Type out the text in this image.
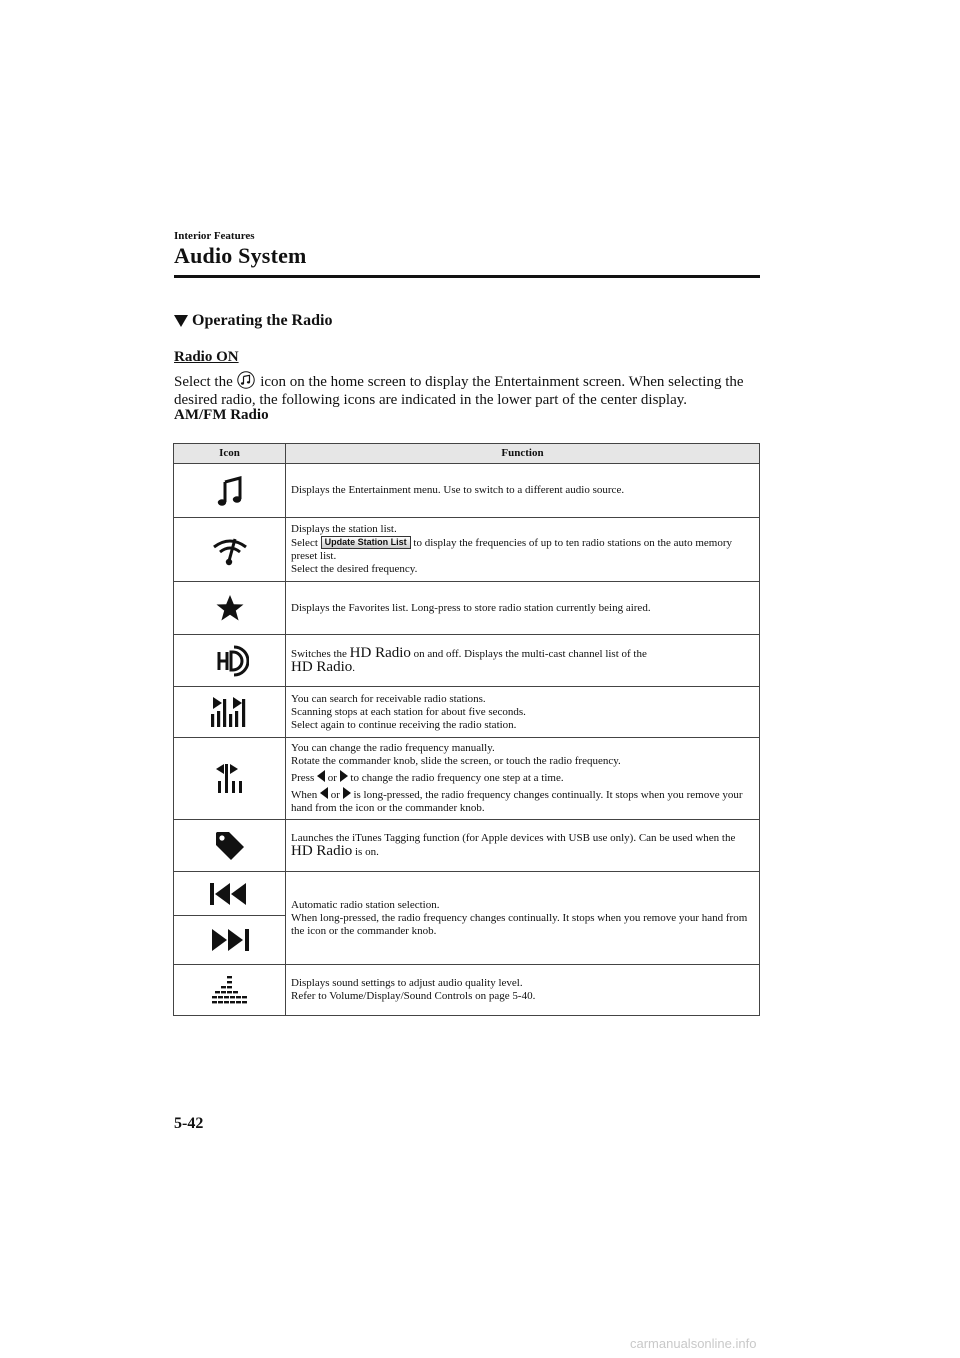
Interior Features
Audio System
Operating the Radio
Radio ON
Select the icon on the home screen to display the Entertainment screen. When selecting the desired radio, the following icons are indicated in the lower part of the center display.
AM/FM Radio
Icon	Function

	Displays the Entertainment menu. Use to switch to a different audio source.

Displays the station list.
Select Update Station List to display the frequencies of up to ten radio stations on the auto memory preset list.
Select the desired frequency.

	Displays the Favorites list. Long-press to store radio station currently being aired.

	Switches the HD Radio on and off. Displays the multi-cast channel list of the
HD Radio.

You can search for receivable radio stations.
Scanning stops at each station for about five seconds.
Select again to continue receiving the radio station.

You can change the radio frequency manually.
Rotate the commander knob, slide the screen, or touch the radio frequency.
Press or to change the radio frequency one step at a time.
When or is long-pressed, the radio frequency changes continually. It stops when you remove your hand from the icon or the commander knob.

	Launches the iTunes Tagging function (for Apple devices with USB use only). Can be used when the HD Radio is on.

Automatic radio station selection.
When long-pressed, the radio frequency changes continually. It stops when you remove your hand from the icon or the commander knob.

Displays sound settings to adjust audio quality level.
Refer to Volume/Display/Sound Controls on page 5-40.
5-42
carmanualsonline.info
